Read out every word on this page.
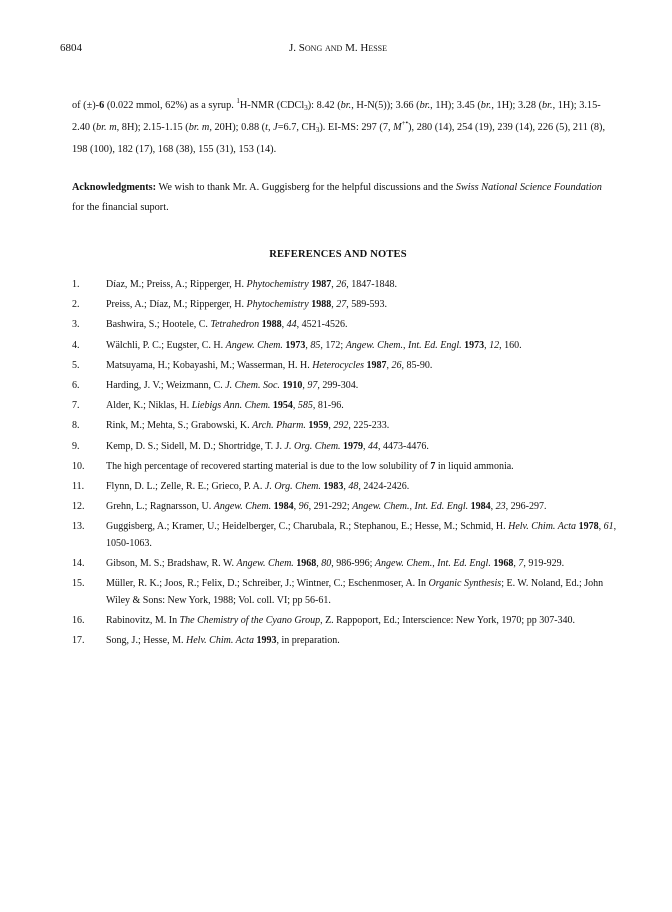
6804	J. Song and M. Hesse
of (±)-6 (0.022 mmol, 62%) as a syrup. $^1$H-NMR (CDCl$_3$): 8.42 (br., H-N(5)); 3.66 (br., 1H); 3.45 (br., 1H); 3.28 (br., 1H); 3.15-2.40 (br. m, 8H); 2.15-1.15 (br. m, 20H); 0.88 (t, J=6.7, $CH_3$). EI-MS: 297 (7, M+•), 280 (14), 254 (19), 239 (14), 226 (5), 211 (8), 198 (100), 182 (17), 168 (38), 155 (31), 153 (14).
Acknowledgments: We wish to thank Mr. A. Guggisberg for the helpful discussions and the Swiss National Science Foundation for the financial suport.
REFERENCES AND NOTES
1.	Díaz, M.; Preiss, A.; Ripperger, H. Phytochemistry 1987, 26, 1847-1848.
2.	Preiss, A.; Díaz, M.; Ripperger, H. Phytochemistry 1988, 27, 589-593.
3.	Bashwira, S.; Hootele, C. Tetrahedron 1988, 44, 4521-4526.
4.	Wälchli, P. C.; Eugster, C. H. Angew. Chem. 1973, 85, 172; Angew. Chem., Int. Ed. Engl. 1973, 12, 160.
5.	Matsuyama, H.; Kobayashi, M.; Wasserman, H. H. Heterocycles 1987, 26, 85-90.
6.	Harding, J. V.; Weizmann, C. J. Chem. Soc. 1910, 97, 299-304.
7.	Alder, K.; Niklas, H. Liebigs Ann. Chem. 1954, 585, 81-96.
8.	Rink, M.; Mehta, S.; Grabowski, K. Arch. Pharm. 1959, 292, 225-233.
9.	Kemp, D. S.; Sidell, M. D.; Shortridge, T. J. J. Org. Chem. 1979, 44, 4473-4476.
10. The high percentage of recovered starting material is due to the low solubility of 7 in liquid ammonia.
11. Flynn, D. L.; Zelle, R. E.; Grieco, P. A. J. Org. Chem. 1983, 48, 2424-2426.
12. Grehn, L.; Ragnarsson, U. Angew. Chem. 1984, 96, 291-292; Angew. Chem., Int. Ed. Engl. 1984, 23, 296-297.
13. Guggisberg, A.; Kramer, U.; Heidelberger, C.; Charubala, R.; Stephanou, E.; Hesse, M.; Schmid, H. Helv. Chim. Acta 1978, 61, 1050-1063.
14. Gibson, M. S.; Bradshaw, R. W. Angew. Chem. 1968, 80, 986-996; Angew. Chem., Int. Ed. Engl. 1968, 7, 919-929.
15. Müller, R. K.; Joos, R.; Felix, D.; Schreiber, J.; Wintner, C.; Eschenmoser, A. In Organic Synthesis; E. W. Noland, Ed.; John Wiley & Sons: New York, 1988; Vol. coll. VI; pp 56-61.
16. Rabinovitz, M. In The Chemistry of the Cyano Group, Z. Rappoport, Ed.; Interscience: New York, 1970; pp 307-340.
17. Song, J.; Hesse, M. Helv. Chim. Acta 1993, in preparation.
